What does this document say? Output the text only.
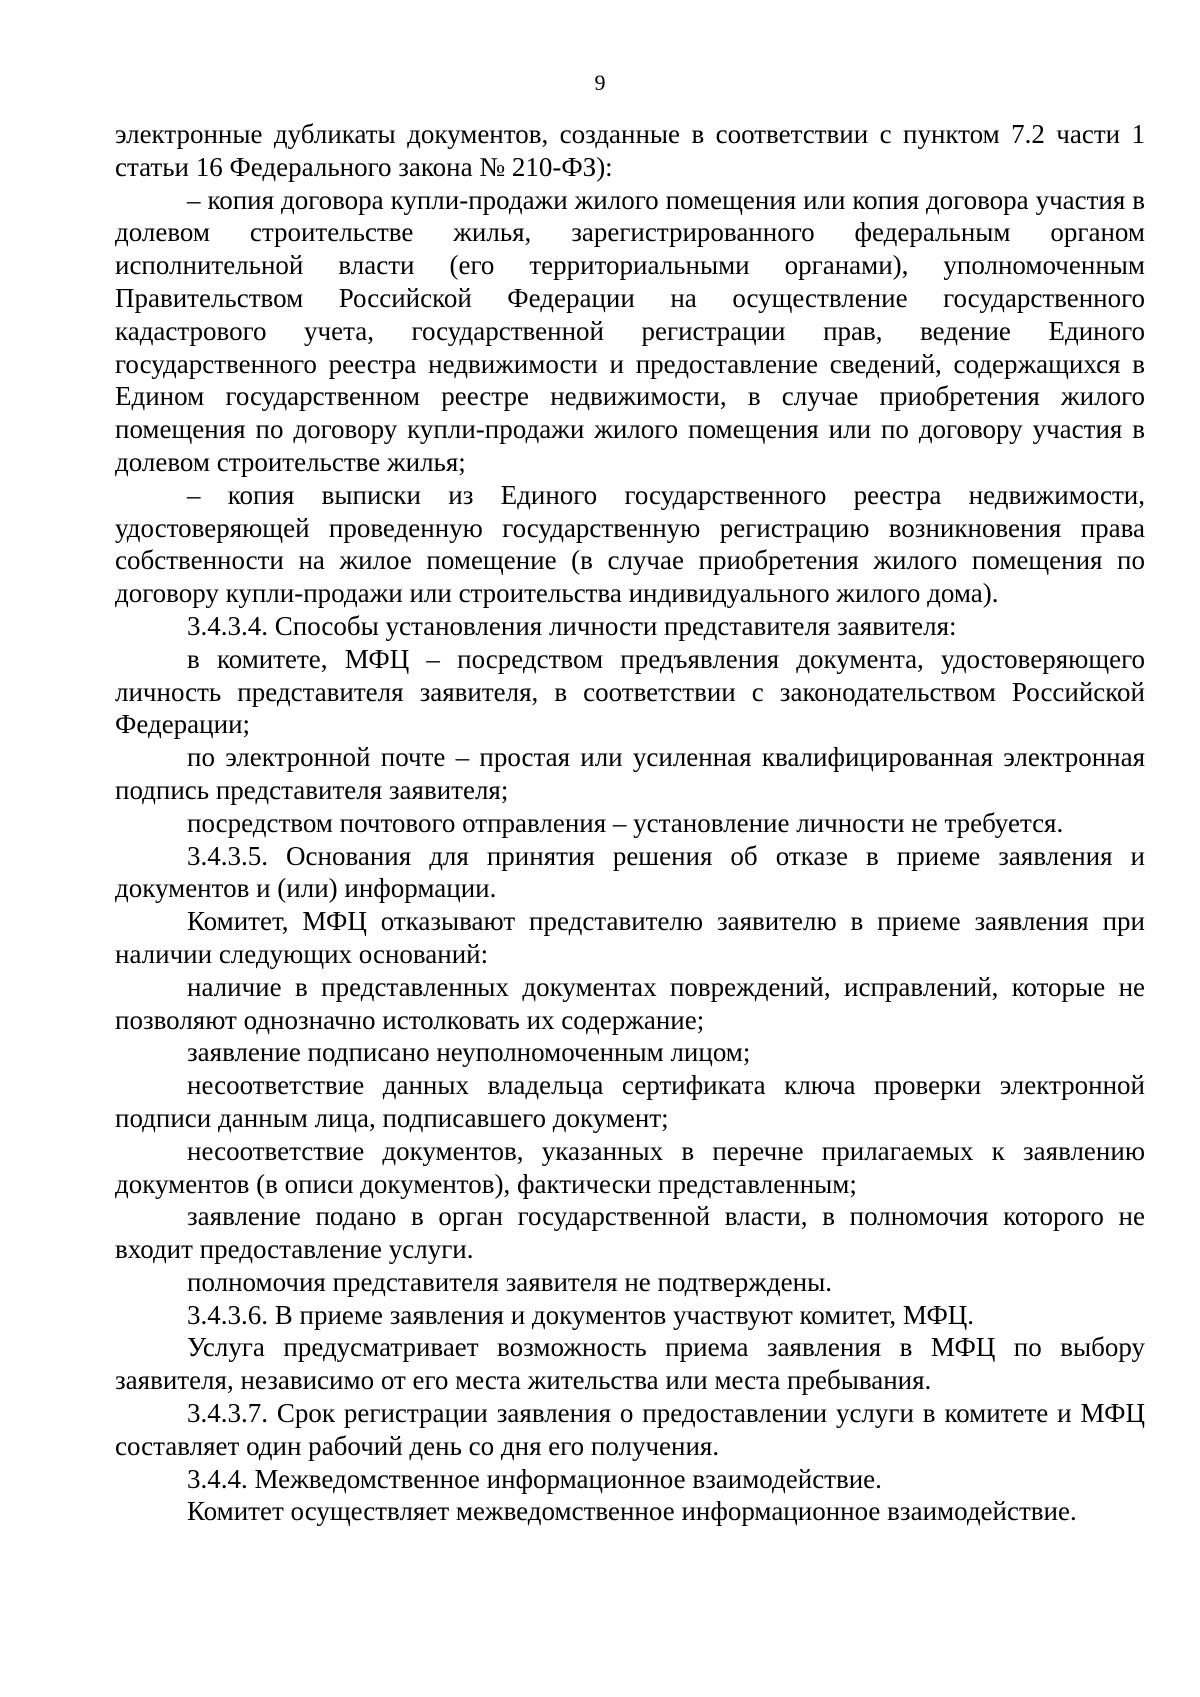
9

электронные дубликаты документов, созданные в соответствии с пунктом 7.2 части 1 статьи 16 Федерального закона № 210-ФЗ):

– копия договора купли-продажи жилого помещения или копия договора участия в долевом строительстве жилья, зарегистрированного федеральным органом исполнительной власти (его территориальными органами), уполномоченным Правительством Российской Федерации на осуществление государственного кадастрового учета, государственной регистрации прав, ведение Единого государственного реестра недвижимости и предоставление сведений, содержащихся в Едином государственном реестре недвижимости, в случае приобретения жилого помещения по договору купли-продажи жилого помещения или по договору участия в долевом строительстве жилья;

– копия выписки из Единого государственного реестра недвижимости, удостоверяющей проведенную государственную регистрацию возникновения права собственности на жилое помещение (в случае приобретения жилого помещения по договору купли-продажи или строительства индивидуального жилого дома).

3.4.3.4. Способы установления личности представителя заявителя:

в комитете, МФЦ – посредством предъявления документа, удостоверяющего личность представителя заявителя, в соответствии с законодательством Российской Федерации;

по электронной почте – простая или усиленная квалифицированная электронная подпись представителя заявителя;

посредством почтового отправления – установление личности не требуется.

3.4.3.5. Основания для принятия решения об отказе в приеме заявления и документов и (или) информации.

Комитет, МФЦ отказывают представителю заявителю в приеме заявления при наличии следующих оснований:

наличие в представленных документах повреждений, исправлений, которые не позволяют однозначно истолковать их содержание;

заявление подписано неуполномоченным лицом;

несоответствие данных владельца сертификата ключа проверки электронной подписи данным лица, подписавшего документ;

несоответствие документов, указанных в перечне прилагаемых к заявлению документов (в описи документов), фактически представленным;

заявление подано в орган государственной власти, в полномочия которого не входит предоставление услуги.

полномочия представителя заявителя не подтверждены.

3.4.3.6. В приеме заявления и документов участвуют комитет, МФЦ.

Услуга предусматривает возможность приема заявления в МФЦ по выбору заявителя, независимо от его места жительства или места пребывания.

3.4.3.7. Срок регистрации заявления о предоставлении услуги в комитете и МФЦ составляет один рабочий день со дня его получения.

3.4.4. Межведомственное информационное взаимодействие.

Комитет осуществляет межведомственное информационное взаимодействие.
